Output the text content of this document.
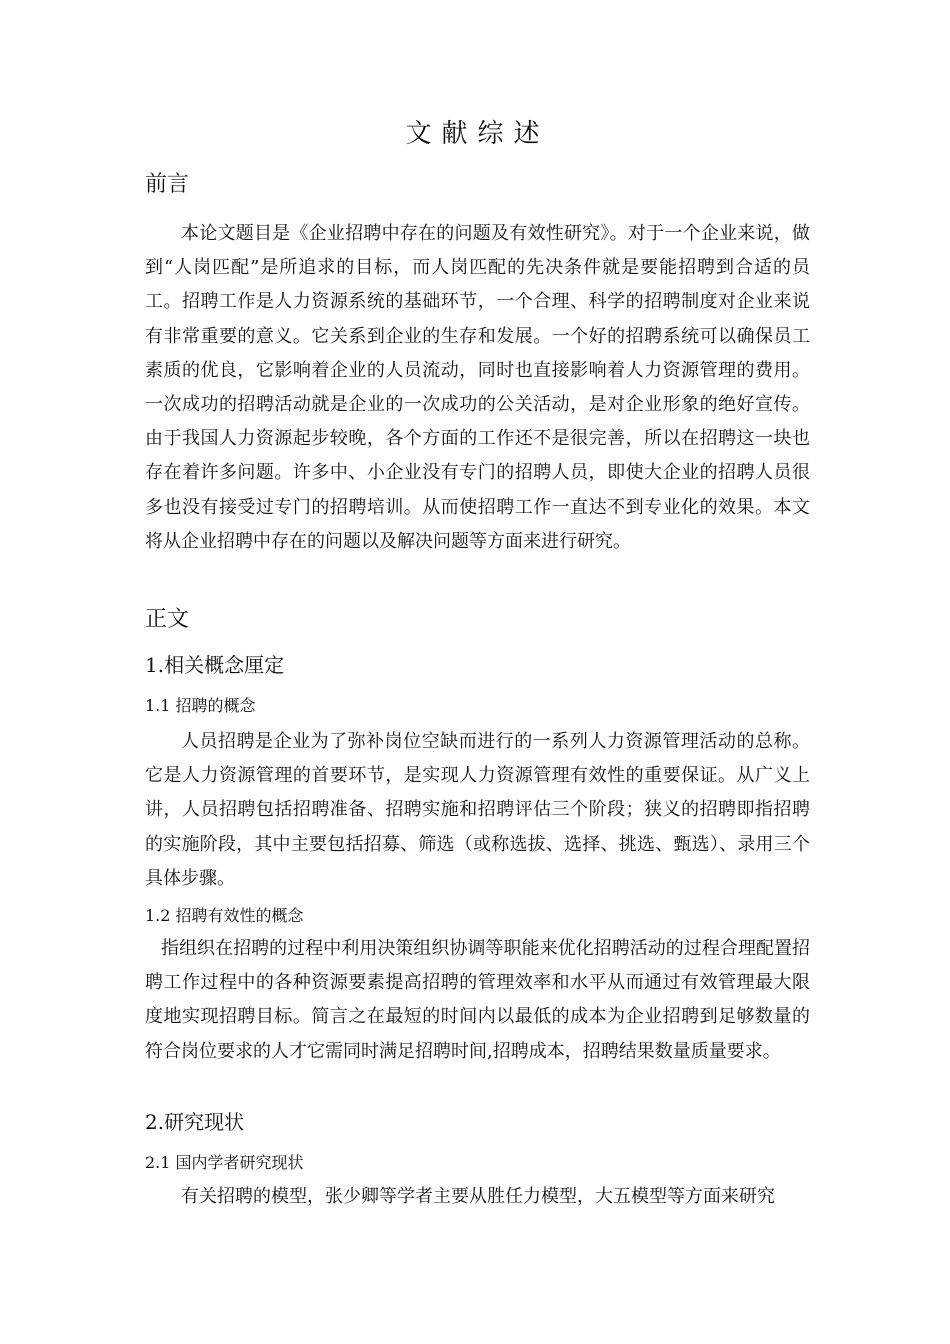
文献综述
前言
本论文题目是《企业招聘中存在的问题及有效性研究》。对于一个企业来说，做到“人岗匹配”是所追求的目标，而人岗匹配的先决条件就是要能招聘到合适的员工。招聘工作是人力资源系统的基础环节，一个合理、科学的招聘制度对企业来说有非常重要的意义。它关系到企业的生存和发展。一个好的招聘系统可以确保员工素质的优良，它影响着企业的人员流动，同时也直接影响着人力资源管理的费用。一次成功的招聘活动就是企业的一次成功的公关活动，是对企业形象的绝好宣传。由于我国人力资源起步较晚，各个方面的工作还不是很完善，所以在招聘这一块也存在着许多问题。许多中、小企业没有专门的招聘人员，即使大企业的招聘人员很多也没有接受过专门的招聘培训。从而使招聘工作一直达不到专业化的效果。本文将从企业招聘中存在的问题以及解决问题等方面来进行研究。
正文
1.相关概念厘定
1.1 招聘的概念
人员招聘是企业为了弥补岗位空缺而进行的一系列人力资源管理活动的总称。它是人力资源管理的首要环节，是实现人力资源管理有效性的重要保证。从广义上讲，人员招聘包括招聘准备、招聘实施和招聘评估三个阶段；狭义的招聘即指招聘的实施阶段，其中主要包括招募、筛选（或称选拔、选择、挑选、甄选）、录用三个具体步骤。
1.2 招聘有效性的概念
指组织在招聘的过程中利用决策组织协调等职能来优化招聘活动的过程合理配置招聘工作过程中的各种资源要素提高招聘的管理效率和水平从而通过有效管理最大限度地实现招聘目标。简言之在最短的时间内以最低的成本为企业招聘到足够数量的符合岗位要求的人才它需同时满足招聘时间,招聘成本，招聘结果数量质量要求。
2.研究现状
2.1 国内学者研究现状
有关招聘的模型，张少卿等学者主要从胜任力模型，大五模型等方面来研究
